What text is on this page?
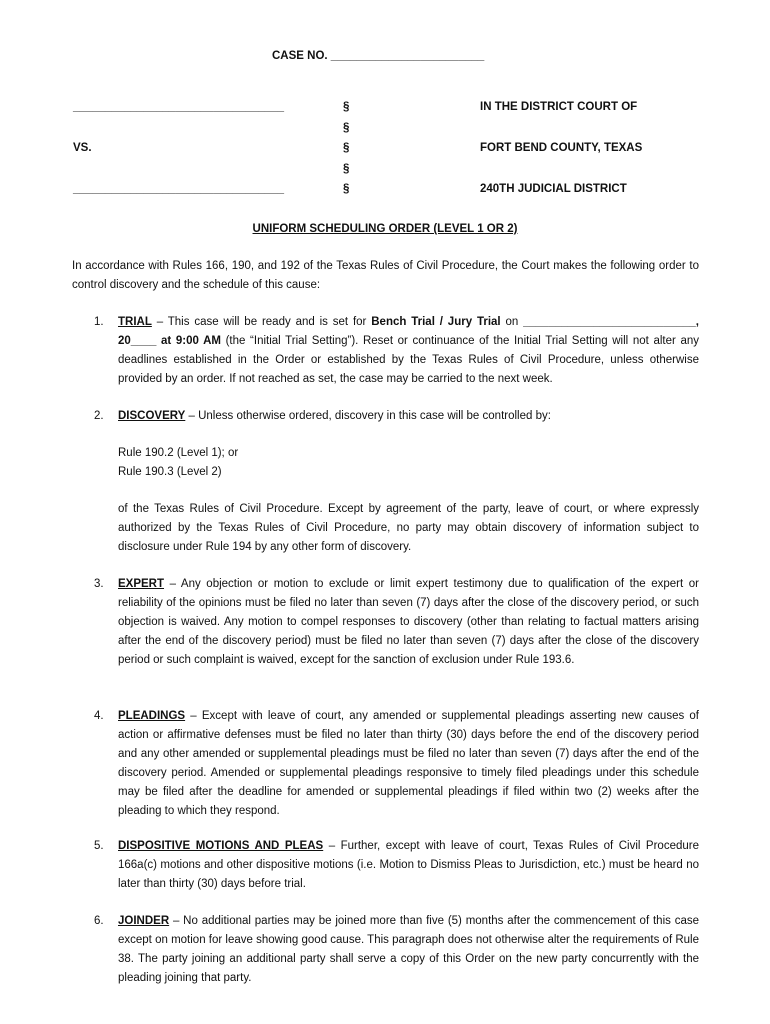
CASE NO. ________________________
_________________________________	§	IN THE DISTRICT COURT OF
§
VS.	§	FORT BEND COUNTY, TEXAS
§
_________________________________	§	240TH JUDICIAL DISTRICT
UNIFORM SCHEDULING ORDER (LEVEL 1 OR 2)
In accordance with Rules 166, 190, and 192 of the Texas Rules of Civil Procedure, the Court makes the following order to control discovery and the schedule of this cause:
1. TRIAL – This case will be ready and is set for Bench Trial / Jury Trial on ___________________________, 20____ at 9:00 AM (the “Initial Trial Setting”). Reset or continuance of the Initial Trial Setting will not alter any deadlines established in the Order or established by the Texas Rules of Civil Procedure, unless otherwise provided by an order. If not reached as set, the case may be carried to the next week.
2. DISCOVERY – Unless otherwise ordered, discovery in this case will be controlled by:
Rule 190.2 (Level 1); or
Rule 190.3 (Level 2)
of the Texas Rules of Civil Procedure. Except by agreement of the party, leave of court, or where expressly authorized by the Texas Rules of Civil Procedure, no party may obtain discovery of information subject to disclosure under Rule 194 by any other form of discovery.
3. EXPERT – Any objection or motion to exclude or limit expert testimony due to qualification of the expert or reliability of the opinions must be filed no later than seven (7) days after the close of the discovery period, or such objection is waived. Any motion to compel responses to discovery (other than relating to factual matters arising after the end of the discovery period) must be filed no later than seven (7) days after the close of the discovery period or such complaint is waived, except for the sanction of exclusion under Rule 193.6.
4. PLEADINGS – Except with leave of court, any amended or supplemental pleadings asserting new causes of action or affirmative defenses must be filed no later than thirty (30) days before the end of the discovery period and any other amended or supplemental pleadings must be filed no later than seven (7) days after the end of the discovery period. Amended or supplemental pleadings responsive to timely filed pleadings under this schedule may be filed after the deadline for amended or supplemental pleadings if filed within two (2) weeks after the pleading to which they respond.
5. DISPOSITIVE MOTIONS AND PLEAS – Further, except with leave of court, Texas Rules of Civil Procedure 166a(c) motions and other dispositive motions (i.e. Motion to Dismiss Pleas to Jurisdiction, etc.) must be heard no later than thirty (30) days before trial.
6. JOINDER – No additional parties may be joined more than five (5) months after the commencement of this case except on motion for leave showing good cause. This paragraph does not otherwise alter the requirements of Rule 38. The party joining an additional party shall serve a copy of this Order on the new party concurrently with the pleading joining that party.
